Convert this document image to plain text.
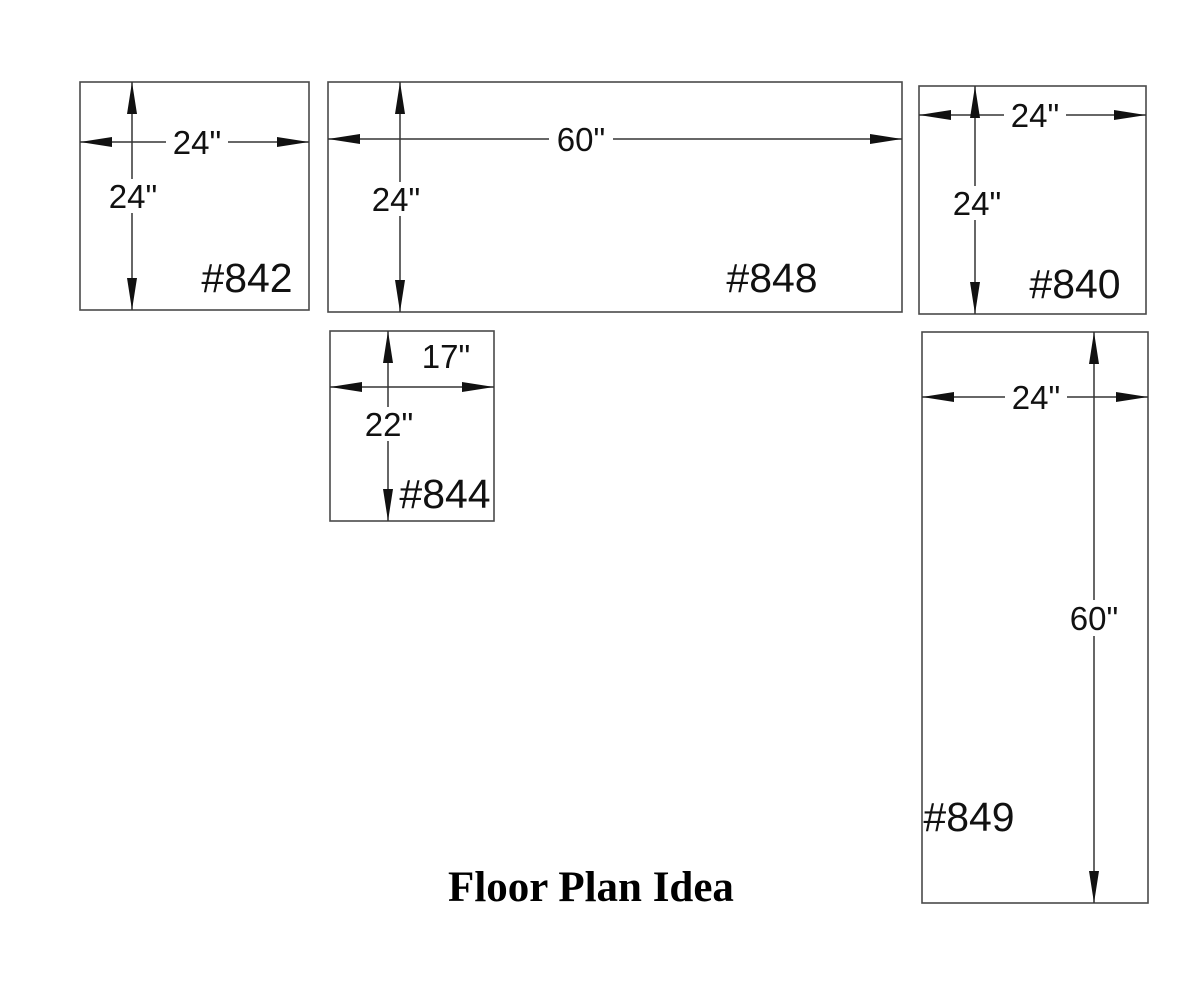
24"
24"
#842
60"
24"
#848
24"
24"
#840
17"
22"
#844
24"
60"
#849
Floor Plan Idea
